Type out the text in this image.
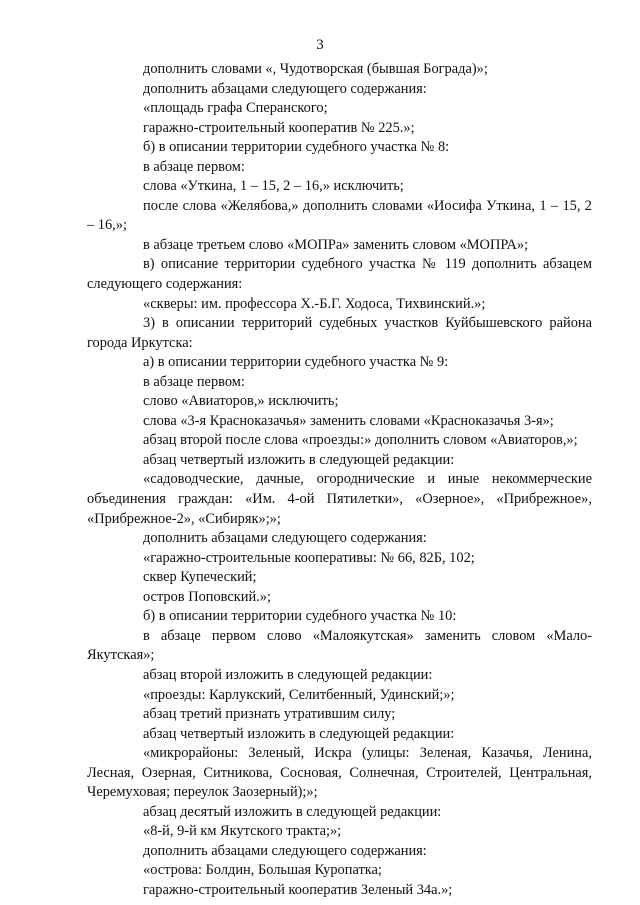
3

дополнить словами «, Чудотворская (бывшая Бограда)»;

дополнить абзацами следующего содержания:

«площадь графа Сперанского;

гаражно-строительный кооператив № 225.»;

б) в описании территории судебного участка № 8:

в абзаце первом:

слова «Уткина, 1 – 15, 2 – 16,» исключить;

после слова «Желябова,» дополнить словами «Иосифа Уткина, 1 – 15, 2 – 16,»;

в абзаце третьем слово «МОПРа» заменить словом «МОПРА»;

в) описание территории судебного участка № 119 дополнить абзацем следующего содержания:

«скверы: им. профессора Х.-Б.Г. Ходоса, Тихвинский.»;

3) в описании территорий судебных участков Куйбышевского района города Иркутска:

а) в описании территории судебного участка № 9:

в абзаце первом:

слово «Авиаторов,» исключить;

слова «3-я Красноказачья» заменить словами «Красноказачья 3-я»;

абзац второй после слова «проезды:» дополнить словом «Авиаторов,»;

абзац четвертый изложить в следующей редакции:

«садоводческие, дачные, огороднические и иные некоммерческие объединения граждан: «Им. 4-ой Пятилетки», «Озерное», «Прибрежное», «Прибрежное-2», «Сибиряк»;»;

дополнить абзацами следующего содержания:

«гаражно-строительные кооперативы: № 66, 82Б, 102;

сквер Купеческий;

остров Поповский.»;

б) в описании территории судебного участка № 10:

в абзаце первом слово «Малоякутская» заменить словом «Мало-Якутская»;

абзац второй изложить в следующей редакции:

«проезды: Карлукский, Селитбенный, Удинский;»;

абзац третий признать утратившим силу;

абзац четвертый изложить в следующей редакции:

«микрорайоны: Зеленый, Искра (улицы: Зеленая, Казачья, Ленина, Лесная, Озерная, Ситникова, Сосновая, Солнечная, Строителей, Центральная, Черемуховая; переулок Заозерный);»;

абзац десятый изложить в следующей редакции:

«8-й, 9-й км Якутского тракта;»;

дополнить абзацами следующего содержания:

«острова: Болдин, Большая Куропатка;

гаражно-строительный кооператив Зеленый 34а.»;
